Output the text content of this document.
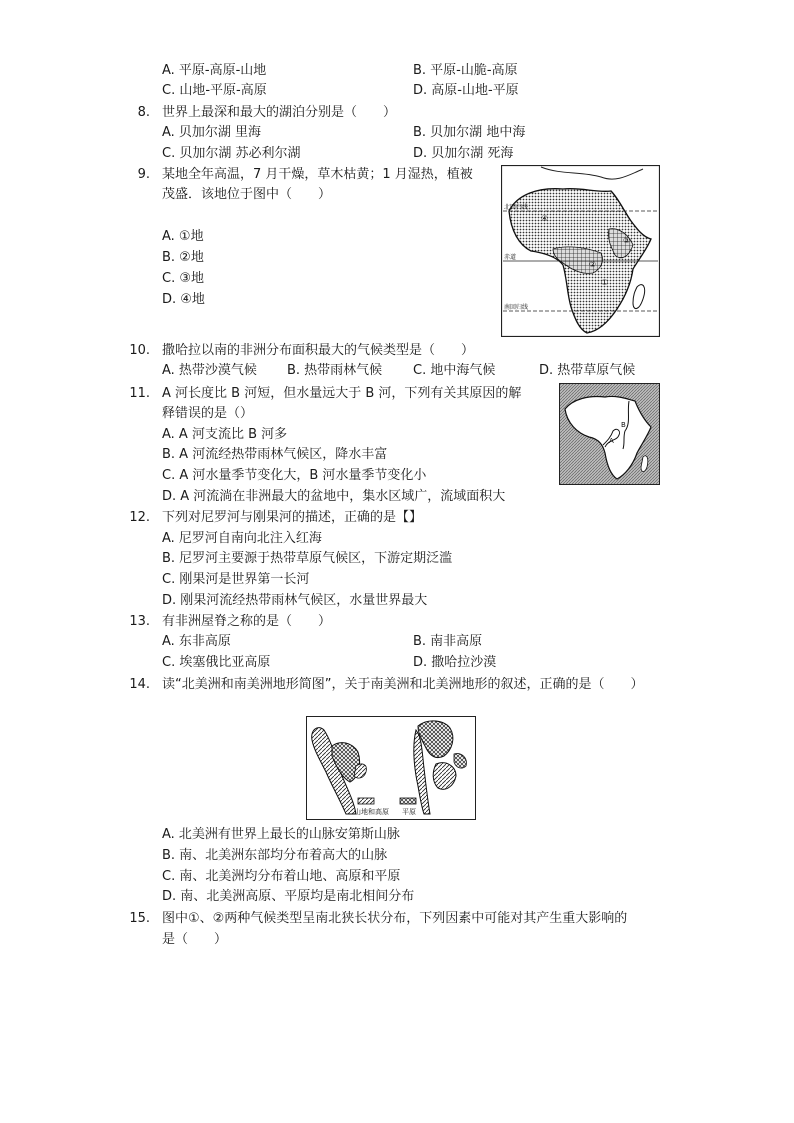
A. 平原-高原-山地	B. 平原-山脆-高原
C. 山地-平原-高原	D. 高原-山地-平原
8. 世界上最深和最大的湖泊分别是（　　）
A. 贝加尔湖 里海	B. 贝加尔湖 地中海
C. 贝加尔湖 苏必利尔湖	D. 贝加尔湖 死海
9. 某地全年高温，7 月干燥，草木枯黄；1 月湿热，植被
茂盛．该地位于图中（　　）
A. ①地
B. ②地
C. ③地
D. ④地
北回归线
赤道
南回归线
④
③
②
①
10. 撒哈拉以南的非洲分布面积最大的气候类型是（　　）
A. 热带沙漠气候 B. 热带雨林气候 C. 地中海气候	D. 热带草原气候
11. A 河长度比 B 河短，但水量远大于 B 河，下列有关其原因的解
释错误的是（）
A. A 河支流比 B 河多
B. A 河流经热带雨林气候区，降水丰富
C. A 河水量季节变化大，B 河水量季节变化小
D. A 河流淌在非洲最大的盆地中，集水区域广，流域面积大
B
A
12. 下列对尼罗河与刚果河的描述，正确的是【】
A. 尼罗河自南向北注入红海
B. 尼罗河主要源于热带草原气候区，下游定期泛滥
C. 刚果河是世界第一长河
D. 刚果河流经热带雨林气候区，水量世界最大
13. 有非洲屋脊之称的是（　　）
A. 东非高原	B. 南非高原
C. 埃塞俄比亚高原	D. 撒哈拉沙漠
14. 读“北美洲和南美洲地形简图”，关于南美洲和北美洲地形的叙述，正确的是（　　）
山地和高原 平原
A. 北美洲有世界上最长的山脉安第斯山脉
B. 南、北美洲东部均分布着高大的山脉
C. 南、北美洲均分布着山地、高原和平原
D. 南、北美洲高原、平原均是南北相间分布
15. 图中①、②两种气候类型呈南北狭长状分布，下列因素中可能对其产生重大影响的
是（　　）
